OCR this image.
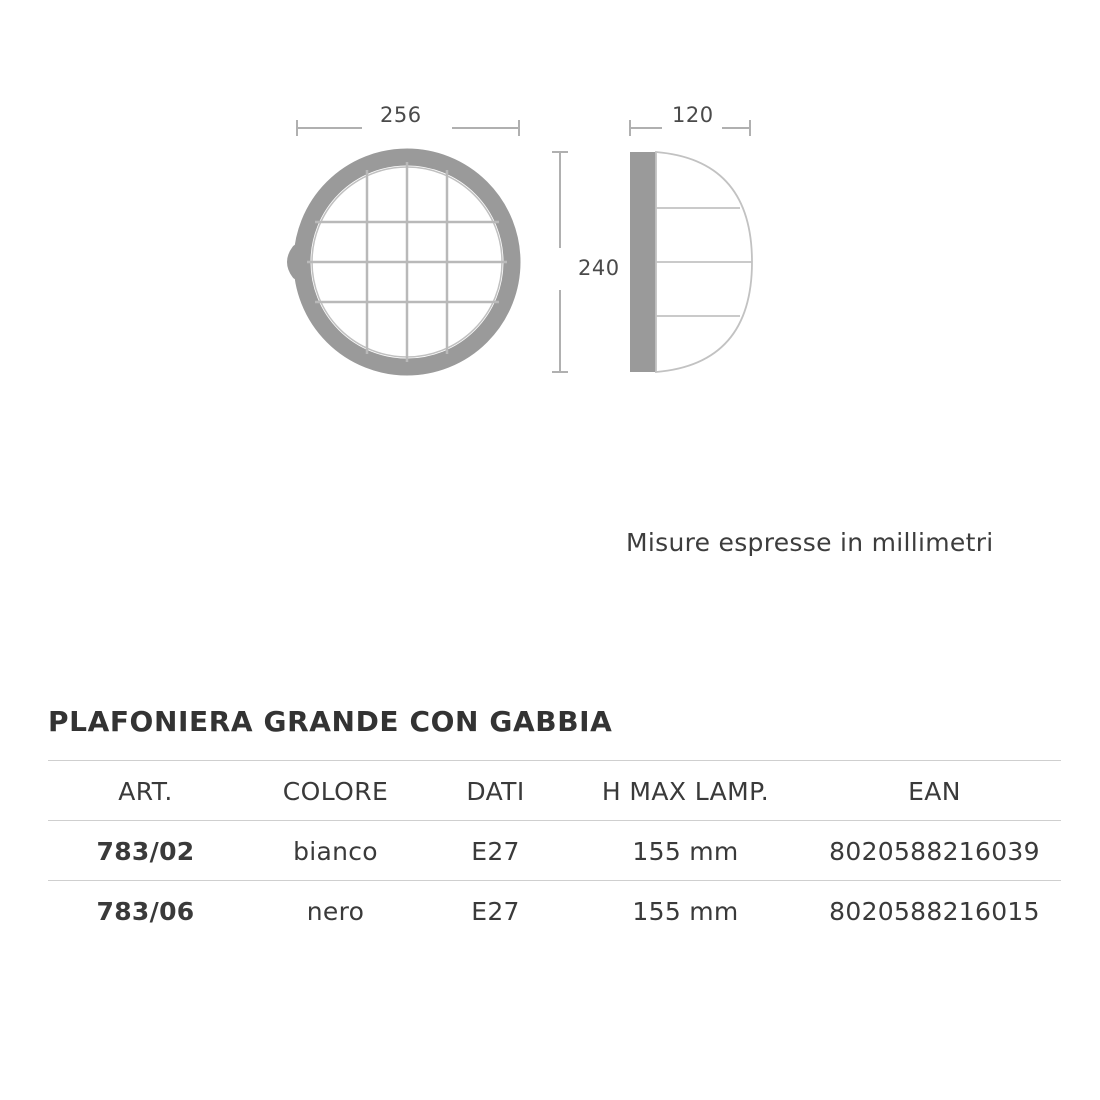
256	120
240
Misure espresse in millimetri
PLAFONIERA GRANDE CON GABBIA
ART.	COLORE	DATI	H MAX LAMP.	EAN
783/02	bianco	E27	155 mm	8020588216039
783/06	nero	E27	155 mm	8020588216015
